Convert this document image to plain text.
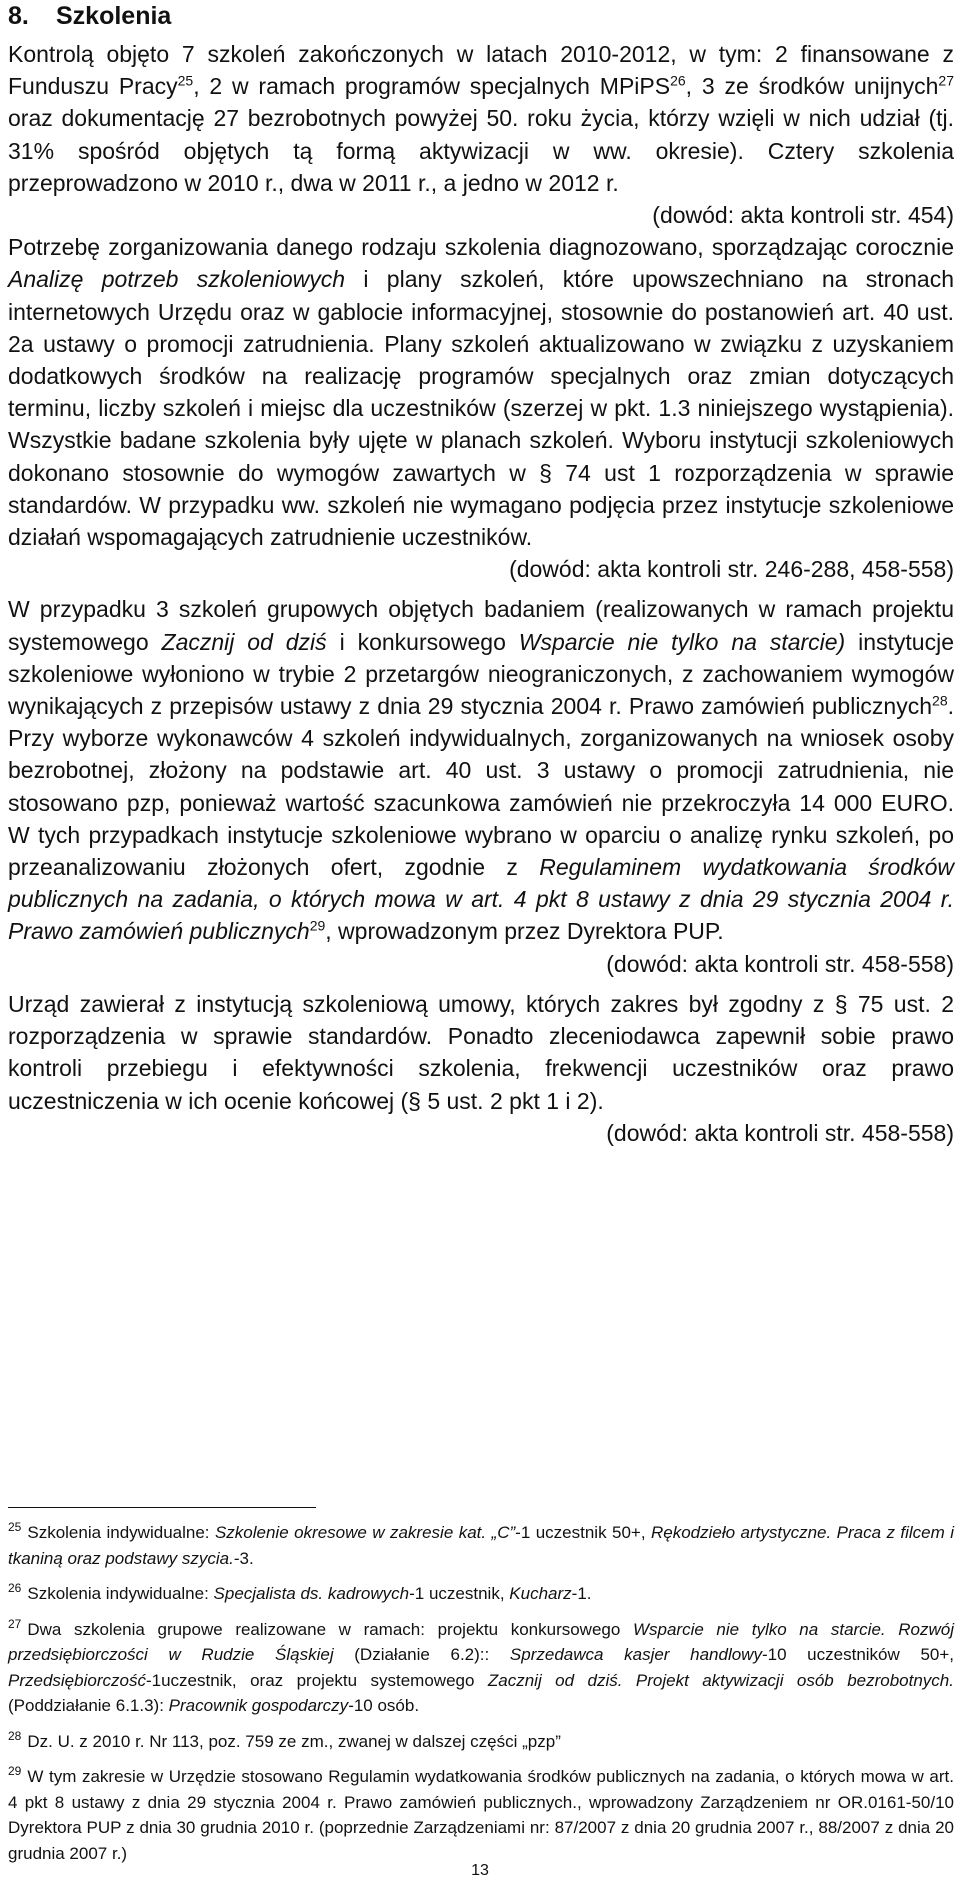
8. Szkolenia

Kontrolą objęto 7 szkoleń zakończonych w latach 2010-2012, w tym: 2 finansowane z Funduszu Pracy$^{25}$, 2 w ramach programów specjalnych MPiPS$^{26}$, 3 ze środków unijnych$^{27}$ oraz dokumentację 27 bezrobotnych powyżej 50. roku życia, którzy wzięli w nich udział (tj. 31% spośród objętych tą formą aktywizacji w ww. okresie). Cztery szkolenia przeprowadzono w 2010 r., dwa w 2011 r., a jedno w 2012 r.

(dowód: akta kontroli str. 454)

Potrzebę zorganizowania danego rodzaju szkolenia diagnozowano, sporządzając corocznie Analizę potrzeb szkoleniowych i plany szkoleń, które upowszechniano na stronach internetowych Urzędu oraz w gablocie informacyjnej, stosownie do postanowień art. 40 ust. 2a ustawy o promocji zatrudnienia. Plany szkoleń aktualizowano w związku z uzyskaniem dodatkowych środków na realizację programów specjalnych oraz zmian dotyczących terminu, liczby szkoleń i miejsc dla uczestników (szerzej w pkt. 1.3 niniejszego wystąpienia). Wszystkie badane szkolenia były ujęte w planach szkoleń. Wyboru instytucji szkoleniowych dokonano stosownie do wymogów zawartych w § 74 ust 1 rozporządzenia w sprawie standardów. W przypadku ww. szkoleń nie wymagano podjęcia przez instytucje szkoleniowe działań wspomagających zatrudnienie uczestników.

(dowód: akta kontroli str. 246-288, 458-558)

W przypadku 3 szkoleń grupowych objętych badaniem (realizowanych w ramach projektu systemowego Zacznij od dziś i konkursowego Wsparcie nie tylko na starcie) instytucje szkoleniowe wyłoniono w trybie 2 przetargów nieograniczonych, z zachowaniem wymogów wynikających z przepisów ustawy z dnia 29 stycznia 2004 r. Prawo zamówień publicznych$^{28}$. Przy wyborze wykonawców 4 szkoleń indywidualnych, zorganizowanych na wniosek osoby bezrobotnej, złożony na podstawie art. 40 ust. 3 ustawy o promocji zatrudnienia, nie stosowano pzp, ponieważ wartość szacunkowa zamówień nie przekroczyła 14 000 EURO. W tych przypadkach instytucje szkoleniowe wybrano w oparciu o analizę rynku szkoleń, po przeanalizowaniu złożonych ofert, zgodnie z Regulaminem wydatkowania środków publicznych na zadania, o których mowa w art. 4 pkt 8 ustawy z dnia 29 stycznia 2004 r. Prawo zamówień publicznych$^{29}$, wprowadzonym przez Dyrektora PUP.

(dowód: akta kontroli str. 458-558)

Urząd zawierał z instytucją szkoleniową umowy, których zakres był zgodny z § 75 ust. 2 rozporządzenia w sprawie standardów. Ponadto zleceniodawca zapewnił sobie prawo kontroli przebiegu i efektywności szkolenia, frekwencji uczestników oraz prawo uczestniczenia w ich ocenie końcowej (§ 5 ust. 2 pkt 1 i 2).

(dowód: akta kontroli str. 458-558)

$^{25}$ Szkolenia indywidualne: Szkolenie okresowe w zakresie kat. „C”-1 uczestnik 50+, Rękodzieło artystyczne. Praca z filcem i tkaniną oraz podstawy szycia.-3.

$^{26}$ Szkolenia indywidualne: Specjalista ds. kadrowych-1 uczestnik, Kucharz-1.

$^{27}$ Dwa szkolenia grupowe realizowane w ramach: projektu konkursowego Wsparcie nie tylko na starcie. Rozwój przedsiębiorczości w Rudzie Śląskiej (Działanie 6.2):: Sprzedawca kasjer handlowy-10 uczestników 50+, Przedsiębiorczość-1uczestnik, oraz projektu systemowego Zacznij od dziś. Projekt aktywizacji osób bezrobotnych. (Poddziałanie 6.1.3): Pracownik gospodarczy-10 osób.

$^{28}$ Dz. U. z 2010 r. Nr 113, poz. 759 ze zm., zwanej w dalszej części „pzp”

$^{29}$ W tym zakresie w Urzędzie stosowano Regulamin wydatkowania środków publicznych na zadania, o których mowa w art. 4 pkt 8 ustawy z dnia 29 stycznia 2004 r. Prawo zamówień publicznych., wprowadzony Zarządzeniem nr OR.0161-50/10 Dyrektora PUP z dnia 30 grudnia 2010 r. (poprzednie Zarządzeniami nr: 87/2007 z dnia 20 grudnia 2007 r., 88/2007 z dnia 20 grudnia 2007 r.)

13
